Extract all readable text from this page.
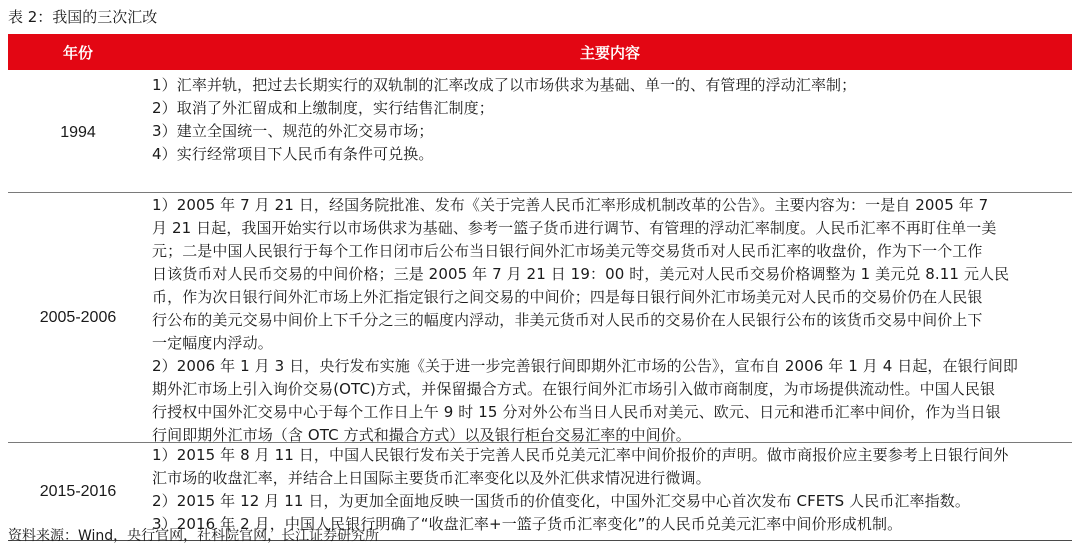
表 2：我国的三次汇改
年份	主要内容
1994
1）汇率并轨，把过去长期实行的双轨制的汇率改成了以市场供求为基础、单一的、有管理的浮动汇率制；
2）取消了外汇留成和上缴制度，实行结售汇制度；
3）建立全国统一、规范的外汇交易市场；
4）实行经常项目下人民币有条件可兑换。
2005-2006
1）2005 年 7 月 21 日，经国务院批准、发布《关于完善人民币汇率形成机制改革的公告》。主要内容为：一是自 2005 年 7
月 21 日起，我国开始实行以市场供求为基础、参考一篮子货币进行调节、有管理的浮动汇率制度。人民币汇率不再盯住单一美
元；二是中国人民银行于每个工作日闭市后公布当日银行间外汇市场美元等交易货币对人民币汇率的收盘价，作为下一个工作
日该货币对人民币交易的中间价格；三是 2005 年 7 月 21 日 19：00 时，美元对人民币交易价格调整为 1 美元兑 8.11 元人民
币，作为次日银行间外汇市场上外汇指定银行之间交易的中间价；四是每日银行间外汇市场美元对人民币的交易价仍在人民银
行公布的美元交易中间价上下千分之三的幅度内浮动，非美元货币对人民币的交易价在人民银行公布的该货币交易中间价上下
一定幅度内浮动。
2）2006 年 1 月 3 日，央行发布实施《关于进一步完善银行间即期外汇市场的公告》，宣布自 2006 年 1 月 4 日起，在银行间即
期外汇市场上引入询价交易(OTC)方式，并保留撮合方式。在银行间外汇市场引入做市商制度，为市场提供流动性。中国人民银
行授权中国外汇交易中心于每个工作日上午 9 时 15 分对外公布当日人民币对美元、欧元、日元和港币汇率中间价，作为当日银
行间即期外汇市场（含 OTC 方式和撮合方式）以及银行柜台交易汇率的中间价。
2015-2016
1）2015 年 8 月 11 日，中国人民银行发布关于完善人民币兑美元汇率中间价报价的声明。做市商报价应主要参考上日银行间外
汇市场的收盘汇率，并结合上日国际主要货币汇率变化以及外汇供求情况进行微调。
2）2015 年 12 月 11 日，为更加全面地反映一国货币的价值变化，中国外汇交易中心首次发布 CFETS 人民币汇率指数。
3）2016 年 2 月，中国人民银行明确了“收盘汇率+一篮子货币汇率变化”的人民币兑美元汇率中间价形成机制。
资料来源：Wind，央行官网，社科院官网，长江证券研究所
